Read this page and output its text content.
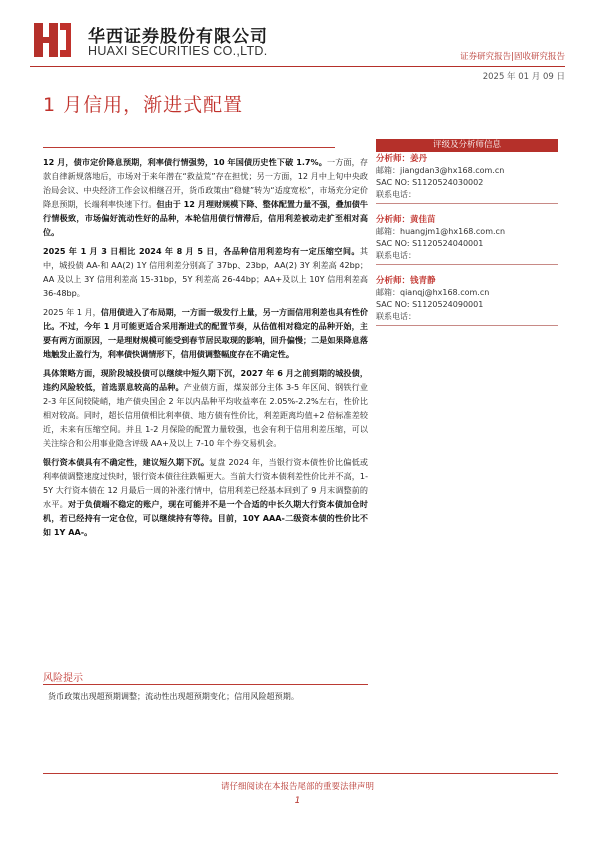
华西证券股份有限公司
HUAXI SECURITIES CO.,LTD.	证券研究报告|固收研究报告
2025 年 01 月 09 日
1 月信用，渐进式配置
评级及分析师信息

12 月，债市定价降息预期，利率债行情强势，10 年国债历史性下破 1.7%。一方面，存款自律新规落地后，市场对于来年潜在“救益荒”存在担忧；另一方面，12 月中上旬中央政治局会议、中央经济工作会议相继召开，货币政策由“稳健”转为“适度宽松”，市场充分定价降息预期，长端利率快速下行。但由于 12 月理财规模下降、整体配置力量不强，叠加债牛行情极致，市场偏好流动性好的品种，本轮信用债行情滞后，信用利差被动走扩至相对高位。

2025 年 1 月 3 日相比 2024 年 8 月 5 日，各品种信用利差均有一定压缩空间。其中，城投债 AA-和 AA(2) 1Y 信用利差分别高了 37bp、23bp，AA(2) 3Y 利差高 42bp；AA 及以上 3Y 信用利差高 15-31bp，5Y 利差高 26-44bp；AA+及以上 10Y 信用利差高 36-48bp。

2025 年 1 月，信用债进入了布局期，一方面一级发行上量，另一方面信用利差也具有性价比。不过，今年 1 月可能更适合采用渐进式的配置节奏，从估值相对稳定的品种开始，主要有两方面原因，一是理财规模可能受到春节居民取现的影响，回升偏慢；二是如果降息落地触发止盈行为，利率债快调情形下，信用债调整幅度存在不确定性。

具体策略方面，现阶段城投债可以继续中短久期下沉，2027 年 6 月之前到期的城投债，违约风险较低，首选票息较高的品种。产业债方面，煤炭部分主体 3-5 年区间、钢铁行业 2-3 年区间较陡峭，地产债央国企 2 年以内品种平均收益率在 2.05%-2.2%左右，性价比相对较高。同时，超长信用债相比利率债、地方债有性价比，利差距离均值+2 倍标准差较近，未来有压缩空间。并且 1-2 月保险的配置力量较强，也会有利于信用利差压缩，可以关注综合和公用事业隐含评级 AA+及以上 7-10 年个券交易机会。

银行资本债具有不确定性，建议短久期下沉。复盘 2024 年，当银行资本债性价比偏低或利率债调整速度过快时，银行资本债往往跌幅更大。当前大行资本债利差性价比并不高，1-5Y 大行资本债在 12 月最后一周的补涨行情中，信用利差已经基本回到了 9 月末调整前的水平。对于负债端不稳定的账户，现在可能并不是一个合适的中长久期大行资本债加仓时机，若已经持有一定仓位，可以继续持有等待。目前，10Y AAA-二级资本债的性价比不如 1Y AA-。

风险提示
货币政策出现超预期调整；流动性出现超预期变化；信用风险超预期。
分析师：姜丹
邮箱：jiangdan3@hx168.com.cn
SAC NO: S1120524030002
联系电话：
分析师：黄佳苗
邮箱：huangjm1@hx168.com.cn
SAC NO: S1120524040001
联系电话：
分析师：钱青静
邮箱：qianqj@hx168.com.cn
SAC NO: S1120524090001
联系电话：
请仔细阅读在本报告尾部的重要法律声明
1
